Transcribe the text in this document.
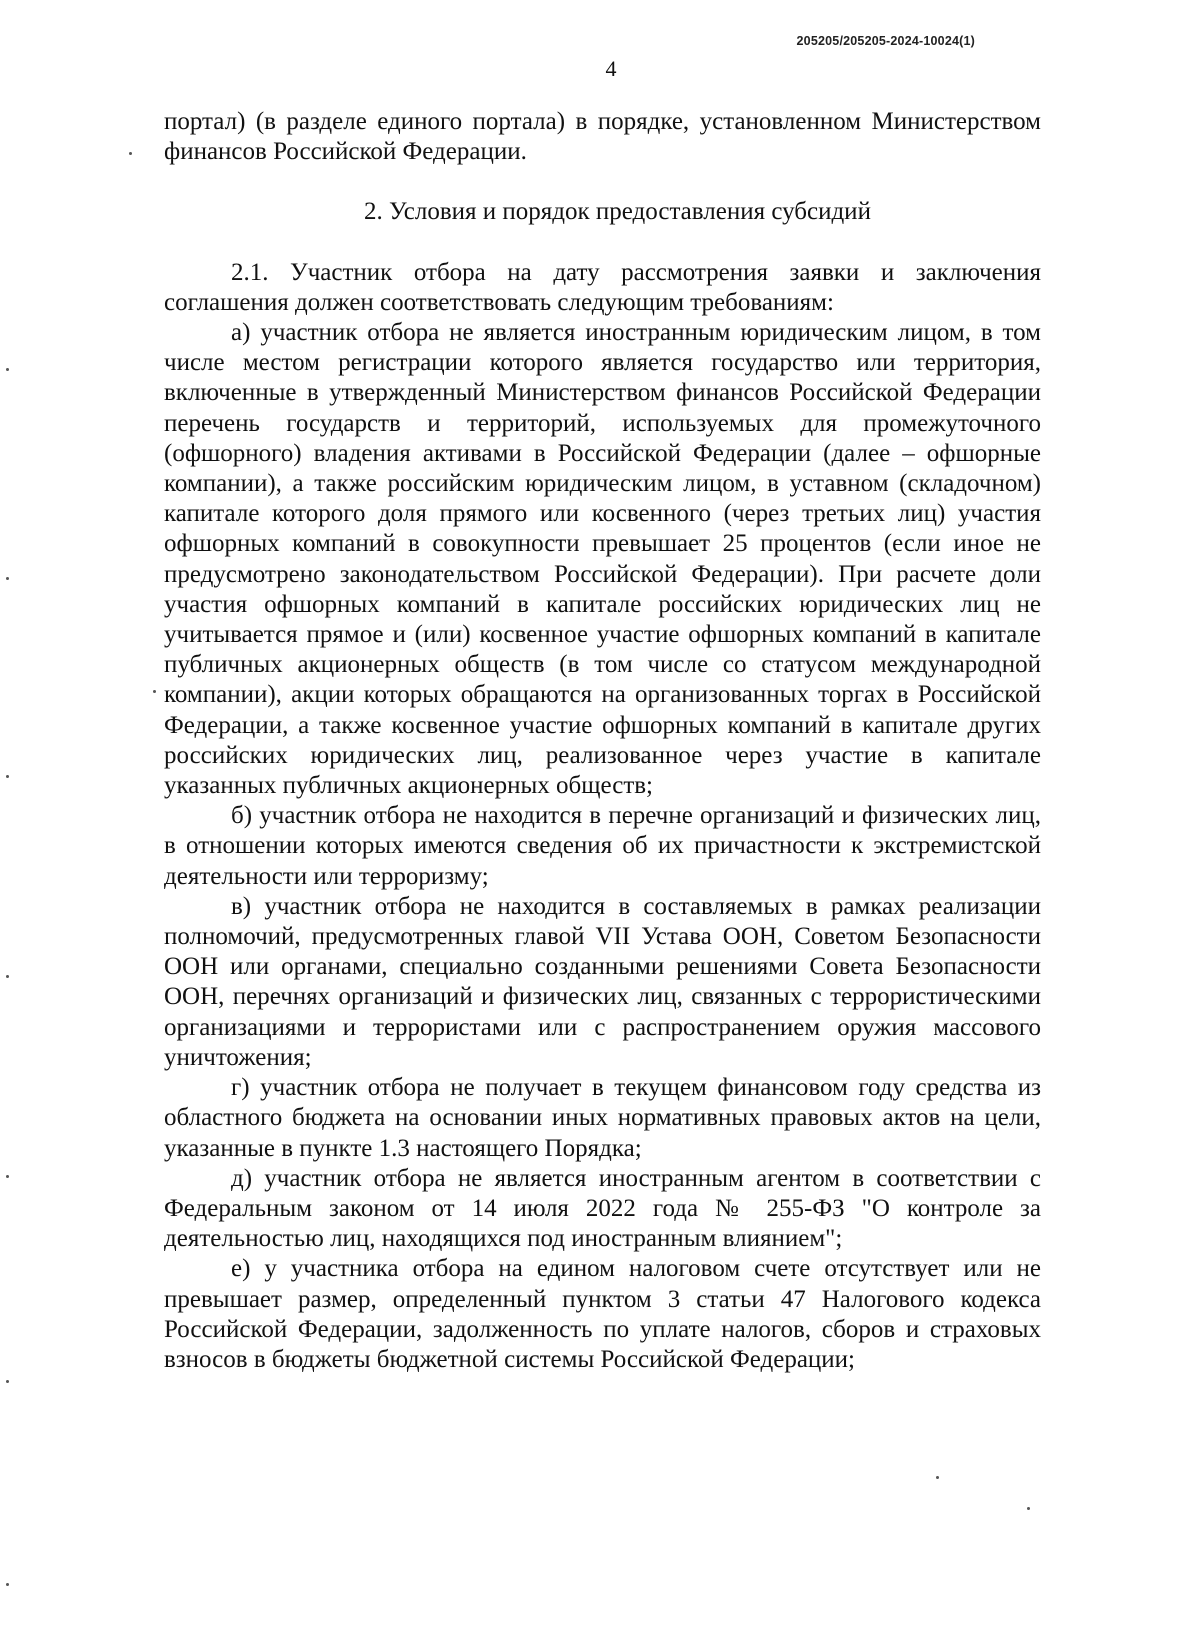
205205/205205-2024-10024(1)
4

портал) (в разделе единого портала) в порядке, установленном Министерством финансов Российской Федерации.

2. Условия и порядок предоставления субсидий

2.1. Участник отбора на дату рассмотрения заявки и заключения соглашения должен соответствовать следующим требованиям:

а) участник отбора не является иностранным юридическим лицом, в том числе местом регистрации которого является государство или территория, включенные в утвержденный Министерством финансов Российской Федерации перечень государств и территорий, используемых для промежуточного (офшорного) владения активами в Российской Федерации (далее – офшорные компании), а также российским юридическим лицом, в уставном (складочном) капитале которого доля прямого или косвенного (через третьих лиц) участия офшорных компаний в совокупности превышает 25 процентов (если иное не предусмотрено законодательством Российской Федерации). При расчете доли участия офшорных компаний в капитале российских юридических лиц не учитывается прямое и (или) косвенное участие офшорных компаний в капитале публичных акционерных обществ (в том числе со статусом международной компании), акции которых обращаются на организованных торгах в Российской Федерации, а также косвенное участие офшорных компаний в капитале других российских юридических лиц, реализованное через участие в капитале указанных публичных акционерных обществ;

б) участник отбора не находится в перечне организаций и физических лиц, в отношении которых имеются сведения об их причастности к экстремистской деятельности или терроризму;

в) участник отбора не находится в составляемых в рамках реализации полномочий, предусмотренных главой VII Устава ООН, Советом Безопасности ООН или органами, специально созданными решениями Совета Безопасности ООН, перечнях организаций и физических лиц, связанных с террористическими организациями и террористами или с распространением оружия массового уничтожения;

г) участник отбора не получает в текущем финансовом году средства из областного бюджета на основании иных нормативных правовых актов на цели, указанные в пункте 1.3 настоящего Порядка;

д) участник отбора не является иностранным агентом в соответствии с Федеральным законом от 14 июля 2022 года № 255-ФЗ "О контроле за деятельностью лиц, находящихся под иностранным влиянием";

е) у участника отбора на едином налоговом счете отсутствует или не превышает размер, определенный пунктом 3 статьи 47 Налогового кодекса Российской Федерации, задолженность по уплате налогов, сборов и страховых взносов в бюджеты бюджетной системы Российской Федерации;
